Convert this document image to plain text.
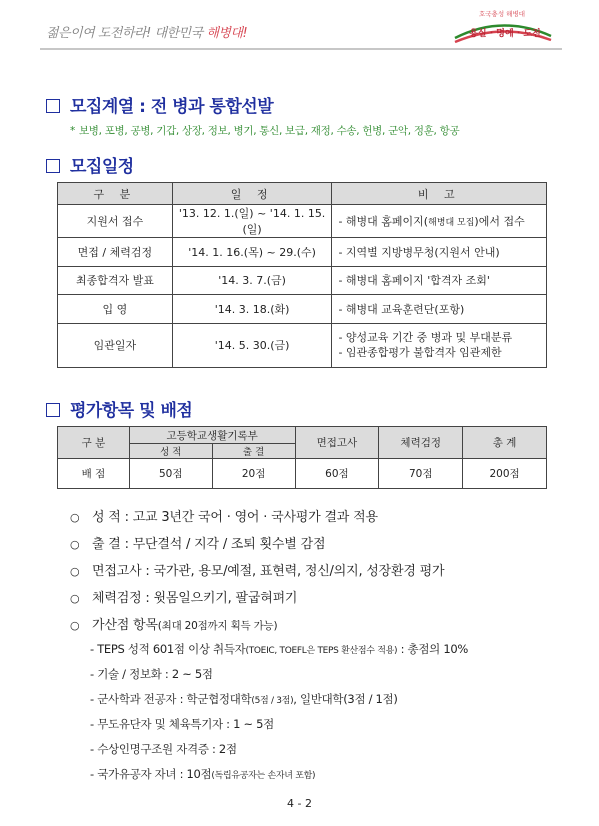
젊은이여 도전하라! 대한민국 해병대!
호국충성 해병대
용실 · 명예 · 도전
모집계열 : 전 병과 통합선발
* 보병, 포병, 공병, 기갑, 상장, 정보, 병기, 통신, 보급, 재정, 수송, 헌병, 군악, 정훈, 항공
모집일정
구 분	일 정	비 고
지원서 접수	'13. 12. 1.(일) ~ '14. 1. 15.(일)	- 해병대 홈페이지(해병대 모집)에서 접수
면접 / 체력검정	'14. 1. 16.(목) ~ 29.(수)	- 지역별 지방병무청(지원서 안내)
최종합격자 발표	'14. 3. 7.(금)	- 해병대 홈페이지 '합격자 조회'
입 영	'14. 3. 18.(화)	- 해병대 교육훈련단(포항)
임관일자	'14. 5. 30.(금)	- 양성교육 기간 중 병과 및 부대분류
- 임관종합평가 불합격자 임관제한
평가항목 및 배점
구 분	고등학교생활기록부		면접고사	체력검정	총 계
	성 적	출 결			
배 점	50점	20점	60점	70점	200점
○ 성 적 : 고교 3년간 국어 · 영어 · 국사평가 결과 적용
○ 출 결 : 무단결석 / 지각 / 조퇴 횟수별 감점
○ 면접고사 : 국가관, 용모/예절, 표현력, 정신/의지, 성장환경 평가
○ 체력검정 : 윗몸일으키기, 팔굽혀펴기
○ 가산점 항목(최대 20점까지 획득 가능)
- TEPS 성적 601점 이상 취득자(TOEIC, TOEFL은 TEPS 환산점수 적용) : 총점의 10%
- 기술 / 정보화 : 2 ~ 5점
- 군사학과 전공자 : 학군협정대학(5점 / 3점), 일반대학(3점 / 1점)
- 무도유단자 및 체육특기자 : 1 ~ 5점
- 수상인명구조원 자격증 : 2점
- 국가유공자 자녀 : 10점(독립유공자는 손자녀 포함)
4 - 2
